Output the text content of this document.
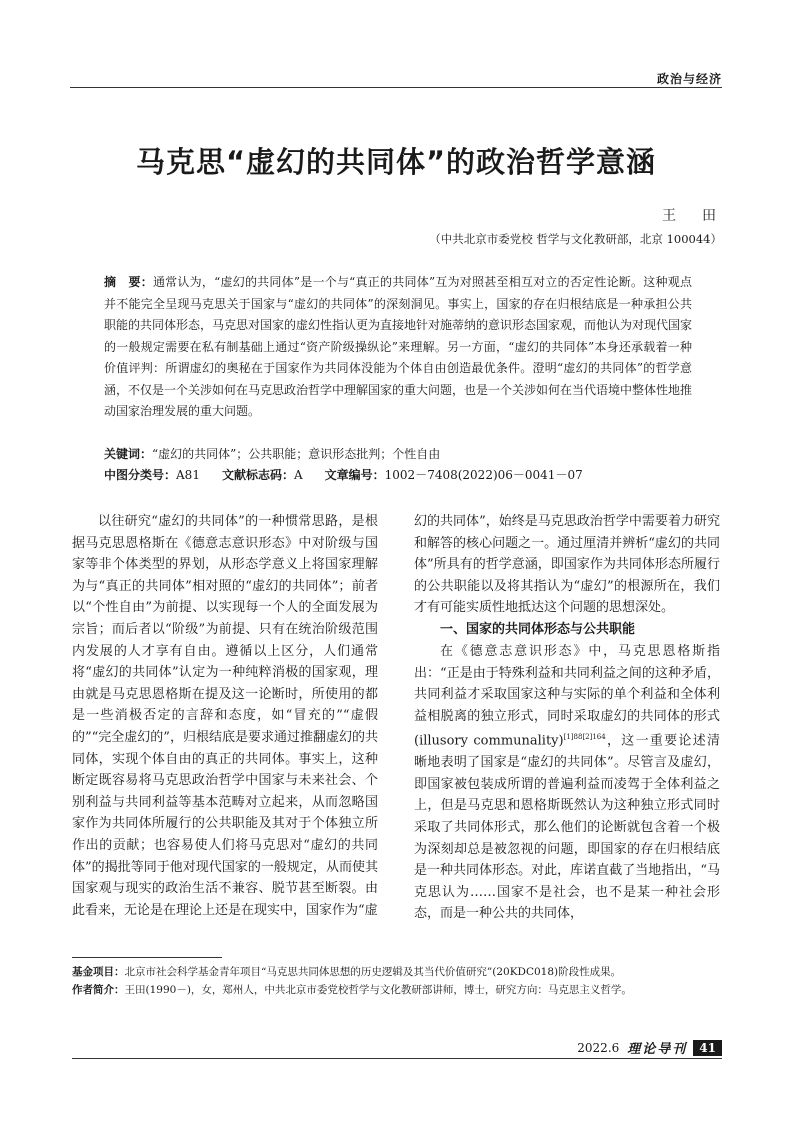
政治与经济
马克思“虚幻的共同体”的政治哲学意涵
王　田
（中共北京市委党校 哲学与文化教研部，北京 100044）
摘　要：通常认为，“虚幻的共同体”是一个与“真正的共同体”互为对照甚至相互对立的否定性论断。这种观点并不能完全呈现马克思关于国家与“虚幻的共同体”的深刻洞见。事实上，国家的存在归根结底是一种承担公共职能的共同体形态，马克思对国家的虚幻性指认更为直接地针对施蒂纳的意识形态国家观，而他认为对现代国家的一般规定需要在私有制基础上通过“资产阶级操纵论”来理解。另一方面，“虚幻的共同体”本身还承载着一种价值评判：所谓虚幻的奥秘在于国家作为共同体没能为个体自由创造最优条件。澄明“虚幻的共同体”的哲学意涵，不仅是一个关涉如何在马克思政治哲学中理解国家的重大问题，也是一个关涉如何在当代语境中整体性地推动国家治理发展的重大问题。
关键词：“虚幻的共同体”；公共职能；意识形态批判；个性自由
中图分类号：A81 文献标志码：A 文章编号：1002－7408(2022)06－0041－07

以往研究“虚幻的共同体”的一种惯常思路，是根据马克思恩格斯在《德意志意识形态》中对阶级与国家等非个体类型的界划，从形态学意义上将国家理解为与“真正的共同体”相对照的“虚幻的共同体”；前者以“个性自由”为前提、以实现每一个人的全面发展为宗旨；而后者以“阶级”为前提、只有在统治阶级范围内发展的人才享有自由。遵循以上区分，人们通常将“虚幻的共同体”认定为一种纯粹消极的国家观，理由就是马克思恩格斯在提及这一论断时，所使用的都是一些消极否定的言辞和态度，如“冒充的”“虚假的”“完全虚幻的”，归根结底是要求通过推翻虚幻的共同体，实现个体自由的真正的共同体。事实上，这种断定既容易将马克思政治哲学中国家与未来社会、个别利益与共同利益等基本范畴对立起来，从而忽略国家作为共同体所履行的公共职能及其对于个体独立所作出的贡献；也容易使人们将马克思对“虚幻的共同体”的揭批等同于他对现代国家的一般规定，从而使其国家观与现实的政治生活不兼容、脱节甚至断裂。由此看来，无论是在理论上还是在现实中，国家作为“虚

幻的共同体”，始终是马克思政治哲学中需要着力研究和解答的核心问题之一。通过厘清并辨析“虚幻的共同体”所具有的哲学意涵，即国家作为共同体形态所履行的公共职能以及将其指认为“虚幻”的根源所在，我们才有可能实质性地抵达这个问题的思想深处。

一、国家的共同体形态与公共职能

在《德意志意识形态》中，马克思恩格斯指出：“正是由于特殊利益和共同利益之间的这种矛盾，共同利益才采取国家这种与实际的单个利益和全体利益相脱离的独立形式，同时采取虚幻的共同体的形式(illusory communality)$^{[1]88[2]164}$，这一重要论述清晰地表明了国家是“虚幻的共同体”。尽管言及虚幻，即国家被包装成所谓的普遍利益而凌驾于全体利益之上，但是马克思和恩格斯既然认为这种独立形式同时采取了共同体形式，那么他们的论断就包含着一个极为深刻却总是被忽视的问题，即国家的存在归根结底是一种共同体形态。对此，库诺直截了当地指出，“马克思认为……国家不是社会，也不是某一种社会形态，而是一种公共的共同体，

基金项目：北京市社会科学基金青年项目“马克思共同体思想的历史逻辑及其当代价值研究”(20KDC018)阶段性成果。
作者简介：王田(1990－)，女，郑州人，中共北京市委党校哲学与文化教研部讲师，博士，研究方向：马克思主义哲学。
2022.6 理论导刊 41
